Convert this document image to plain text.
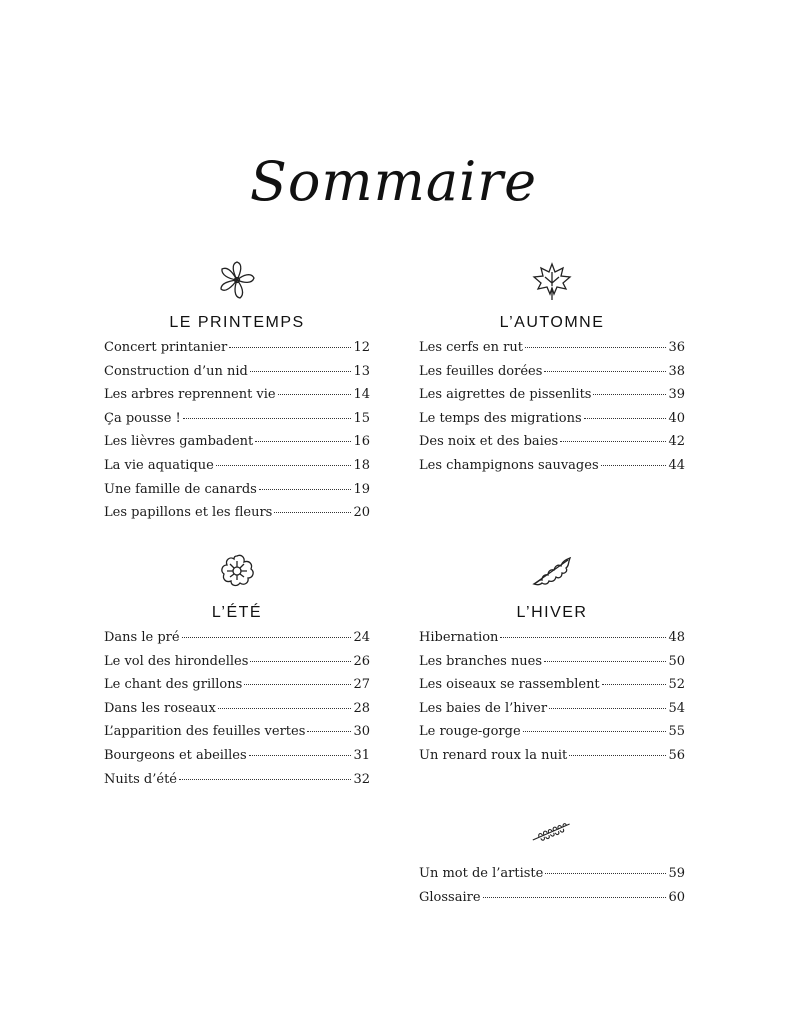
Sommaire
LE PRINTEMPS
Concert printanier	12
Construction d’un nid	13
Les arbres reprennent vie	14
Ça pousse !	15
Les lièvres gambadent	16
La vie aquatique	18
Une famille de canards	19
Les papillons et les fleurs	20
L’AUTOMNE
Les cerfs en rut	36
Les feuilles dorées	38
Les aigrettes de pissenlits	39
Le temps des migrations	40
Des noix et des baies	42
Les champignons sauvages	44
L’ÉTÉ
Dans le pré	24
Le vol des hirondelles	26
Le chant des grillons	27
Dans les roseaux	28
L’apparition des feuilles vertes	30
Bourgeons et abeilles	31
Nuits d’été	32
L’HIVER
Hibernation	48
Les branches nues	50
Les oiseaux se rassemblent	52
Les baies de l’hiver	54
Le rouge-gorge	55
Un renard roux la nuit	56
Un mot de l’artiste	59
Glossaire	60
